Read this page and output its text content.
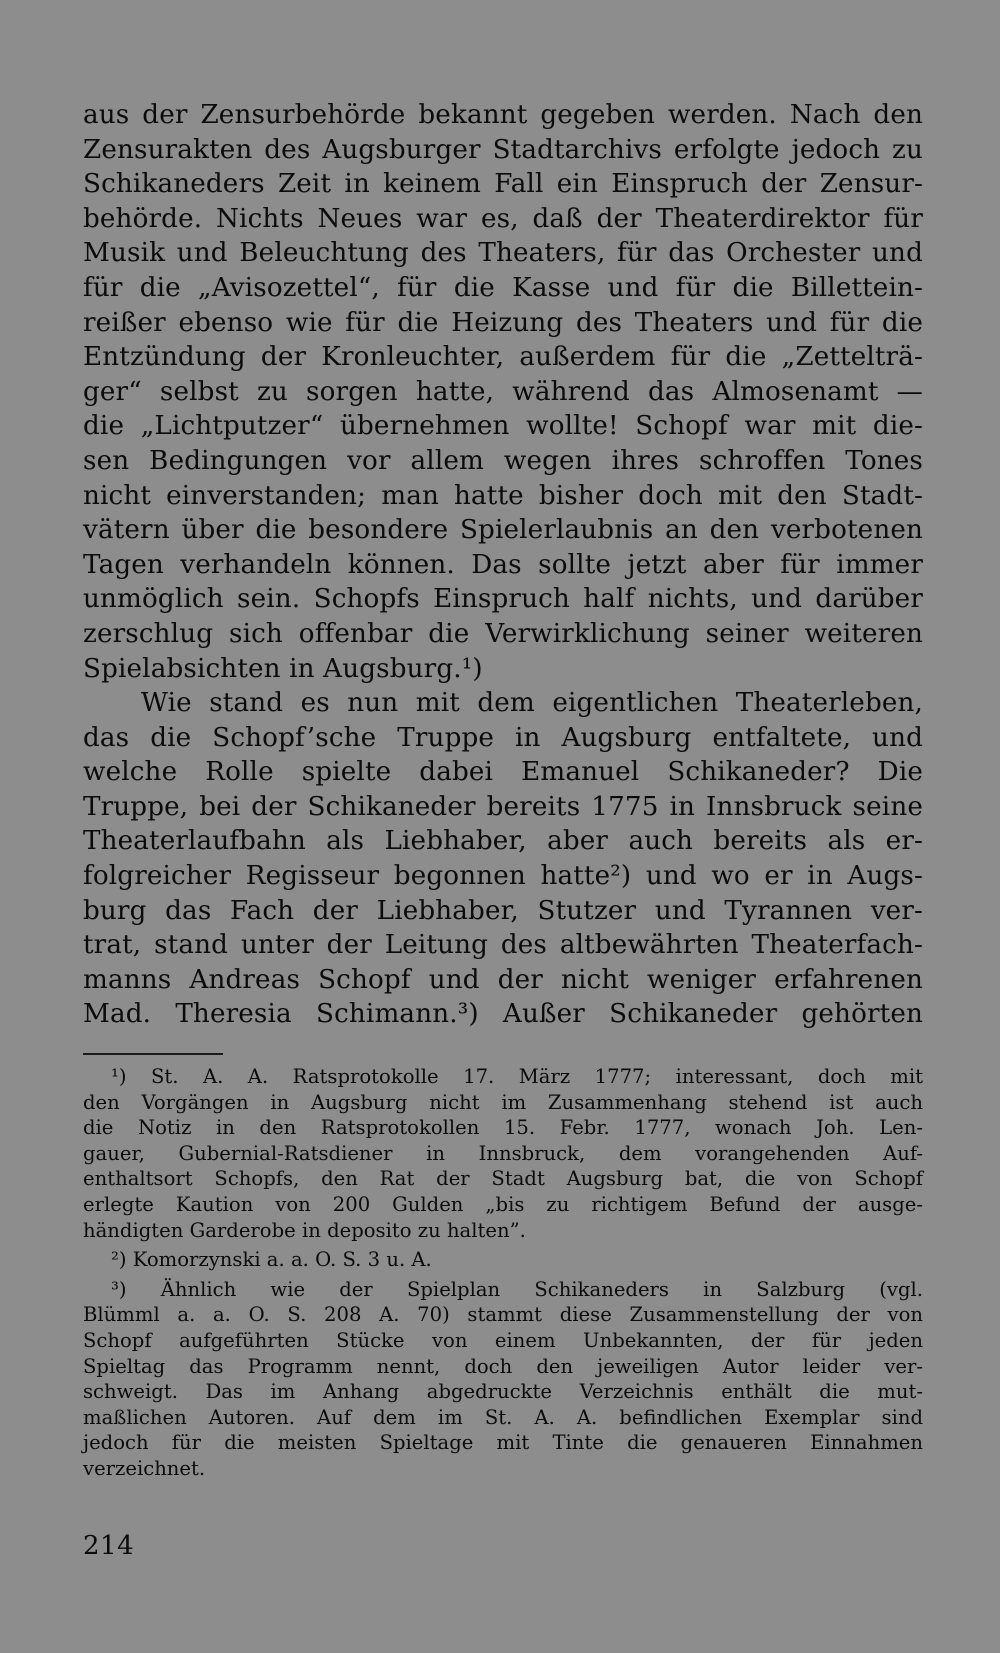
aus der Zensurbehörde bekannt gegeben werden. Nach den
Zensurakten des Augsburger Stadtarchivs erfolgte jedoch zu
Schikaneders Zeit in keinem Fall ein Einspruch der Zensur-
behörde. Nichts Neues war es, daß der Theaterdirektor für
Musik und Beleuchtung des Theaters, für das Orchester und
für die „Avisozettel“, für die Kasse und für die Billettein-
reißer ebenso wie für die Heizung des Theaters und für die
Entzündung der Kronleuchter, außerdem für die „Zettelträ-
ger“ selbst zu sorgen hatte, während das Almosenamt —
die „Lichtputzer“ übernehmen wollte! Schopf war mit die-
sen Bedingungen vor allem wegen ihres schroffen Tones
nicht einverstanden; man hatte bisher doch mit den Stadt-
vätern über die besondere Spielerlaubnis an den verbotenen
Tagen verhandeln können. Das sollte jetzt aber für immer
unmöglich sein. Schopfs Einspruch half nichts, und darüber
zerschlug sich offenbar die Verwirklichung seiner weiteren
Spielabsichten in Augsburg.¹)
Wie stand es nun mit dem eigentlichen Theaterleben,
das die Schopf’sche Truppe in Augsburg entfaltete, und
welche Rolle spielte dabei Emanuel Schikaneder? Die
Truppe, bei der Schikaneder bereits 1775 in Innsbruck seine
Theaterlaufbahn als Liebhaber, aber auch bereits als er-
folgreicher Regisseur begonnen hatte²) und wo er in Augs-
burg das Fach der Liebhaber, Stutzer und Tyrannen ver-
trat, stand unter der Leitung des altbewährten Theaterfach-
manns Andreas Schopf und der nicht weniger erfahrenen
Mad. Theresia Schimann.³) Außer Schikaneder gehörten
¹) St. A. A. Ratsprotokolle 17. März 1777; interessant, doch mit
den Vorgängen in Augsburg nicht im Zusammenhang stehend ist auch
die Notiz in den Ratsprotokollen 15. Febr. 1777, wonach Joh. Len-
gauer, Gubernial-Ratsdiener in Innsbruck, dem vorangehenden Auf-
enthaltsort Schopfs, den Rat der Stadt Augsburg bat, die von Schopf
erlegte Kaution von 200 Gulden „bis zu richtigem Befund der ausge-
händigten Garderobe in deposito zu halten”.
²) Komorzynski a. a. O. S. 3 u. A.
³) Ähnlich wie der Spielplan Schikaneders in Salzburg (vgl.
Blümml a. a. O. S. 208 A. 70) stammt diese Zusammenstellung der von
Schopf aufgeführten Stücke von einem Unbekannten, der für jeden
Spieltag das Programm nennt, doch den jeweiligen Autor leider ver-
schweigt. Das im Anhang abgedruckte Verzeichnis enthält die mut-
maßlichen Autoren. Auf dem im St. A. A. befindlichen Exemplar sind
jedoch für die meisten Spieltage mit Tinte die genaueren Einnahmen
verzeichnet.
214
